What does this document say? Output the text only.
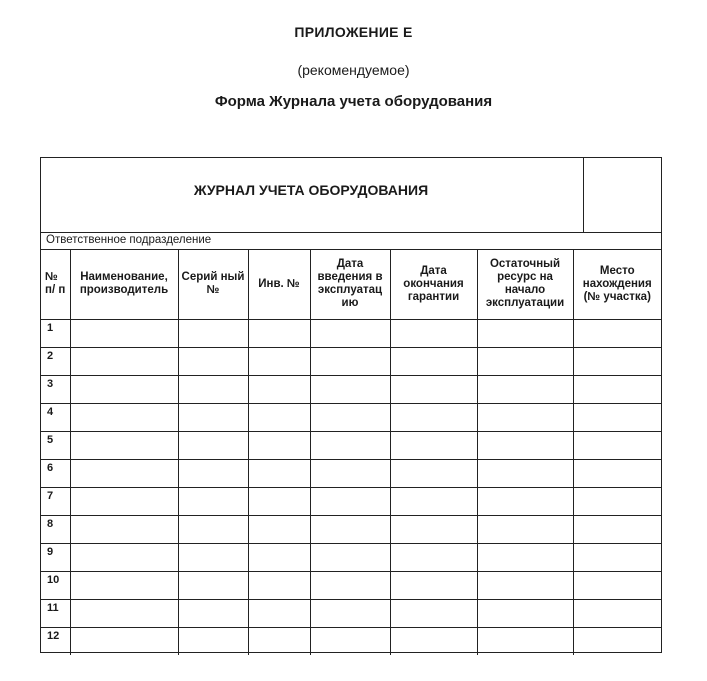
ПРИЛОЖЕНИЕ Е
(рекомендуемое)
Форма Журнала учета оборудования
ЖУРНАЛ УЧЕТА ОБОРУДОВАНИЯ
Ответственное подразделение
№ п/ п	Наименование, производитель	Серий ный №	Инв. №	Дата введения в эксплуатац ию	Дата окончания гарантии	Остаточный ресурс на начало эксплуатации	Место нахождения (№ участка)
1							
2							
3							
4							
5							
6							
7							
8							
9							
10							
11							
12							
